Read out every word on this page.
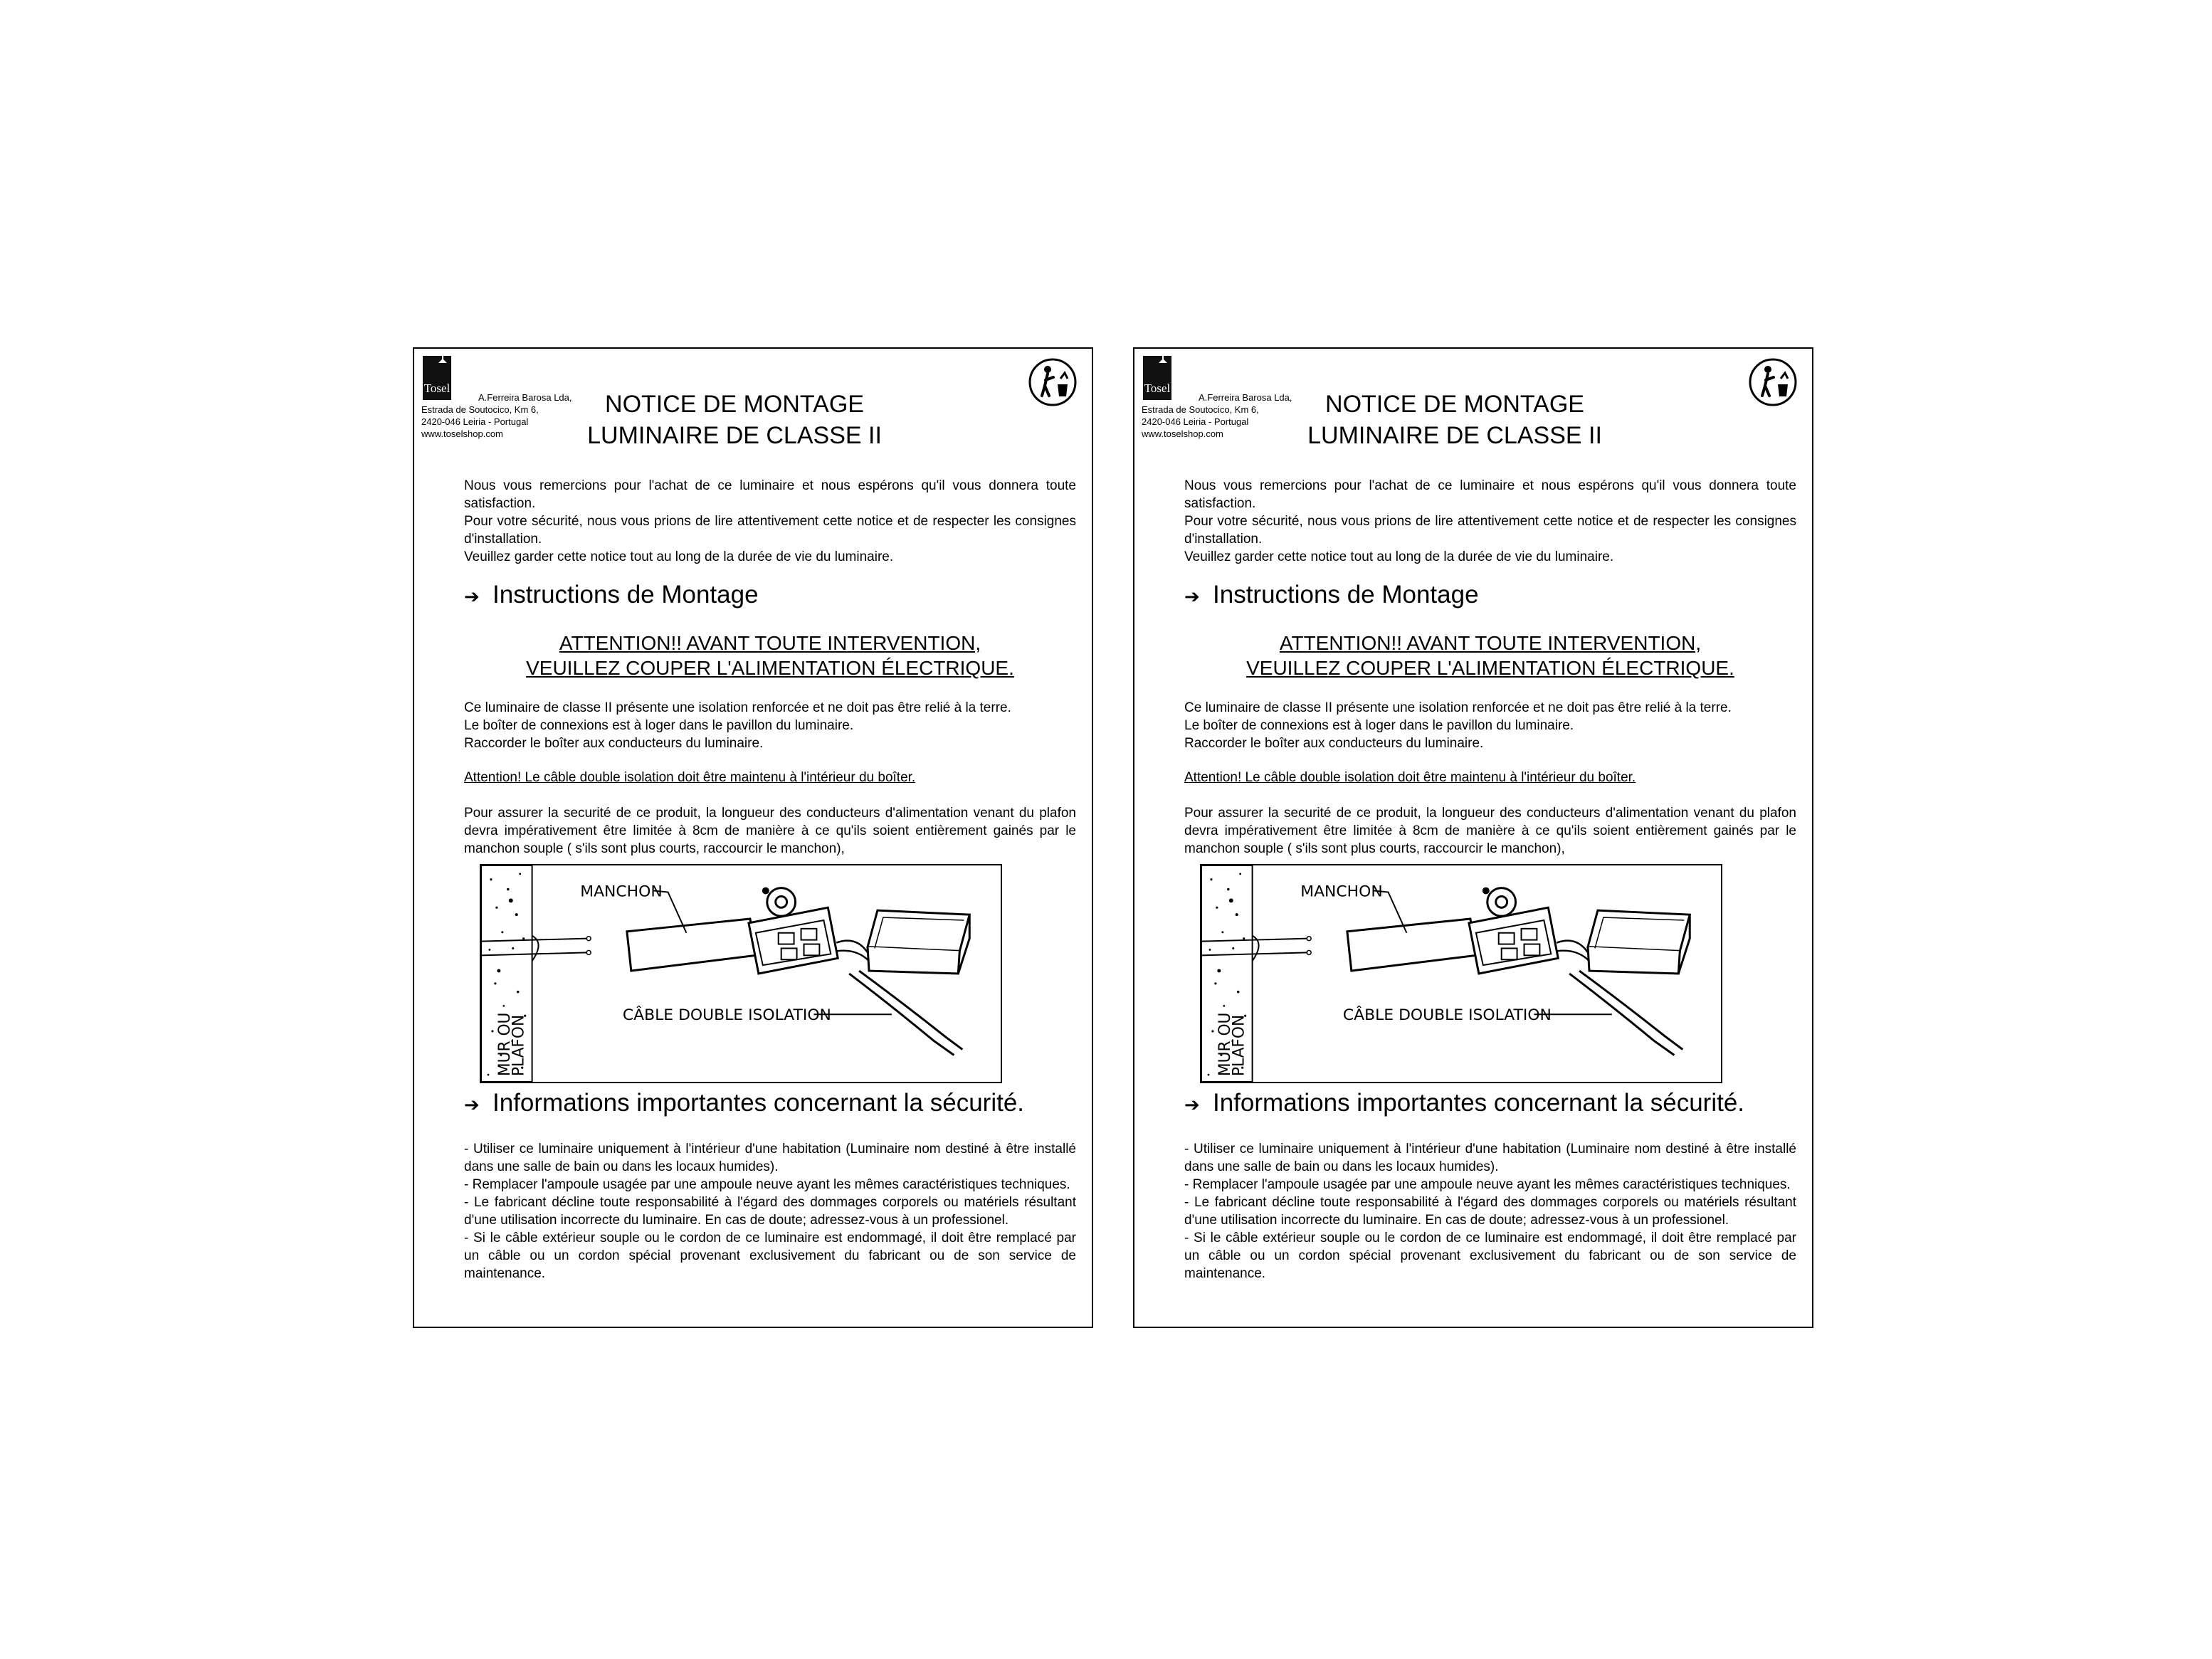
Tosel
A.Ferreira Barosa Lda,
Estrada de Soutocico, Km 6,
2420-046 Leiria - Portugal
www.toselshop.com
NOTICE DE MONTAGE
LUMINAIRE DE CLASSE II

Nous vous remercions pour l'achat de ce luminaire et nous espérons qu'il vous donnera toute satisfaction.

Pour votre sécurité, nous vous prions de lire attentivement cette notice et de respecter les consignes d'installation.

Veuillez garder cette notice tout au long de la durée de vie du luminaire.

➔ Instructions de Montage
ATTENTION!! AVANT TOUTE INTERVENTION,
VEUILLEZ COUPER L'ALIMENTATION ÉLECTRIQUE.

Ce luminaire de classe II présente une isolation renforcée et ne doit pas être relié à la terre.

Le boîter de connexions est à loger dans le pavillon du luminaire.

Raccorder le boîter aux conducteurs du luminaire.

Attention! Le câble double isolation doit être maintenu à l'intérieur du boîter.
Pour assurer la securité de ce produit, la longueur des conducteurs d'alimentation venant du plafon devra impérativement être limitée à 8cm de manière à ce qu'ils soient entièrement gainés par le manchon souple ( s'ils sont plus courts, raccourcir le manchon),
MUR OU
PLAFON
MANCHON
CÂBLE DOUBLE ISOLATION
➔ Informations importantes concernant la sécurité.

- Utiliser ce luminaire uniquement à l'intérieur d'une habitation (Luminaire nom destiné à être installé dans une salle de bain ou dans les locaux humides).

- Remplacer l'ampoule usagée par une ampoule neuve ayant les mêmes caractéristiques techniques.

- Le fabricant décline toute responsabilité à l'égard des dommages corporels ou matériels résultant d'une utilisation incorrecte du luminaire. En cas de doute; adressez-vous à un professionel.

- Si le câble extérieur souple ou le cordon de ce luminaire est endommagé, il doit être remplacé par un câble ou un cordon spécial provenant exclusivement du fabricant ou de son service de maintenance.

Tosel
A.Ferreira Barosa Lda,
Estrada de Soutocico, Km 6,
2420-046 Leiria - Portugal
www.toselshop.com
NOTICE DE MONTAGE
LUMINAIRE DE CLASSE II

Nous vous remercions pour l'achat de ce luminaire et nous espérons qu'il vous donnera toute satisfaction.

Pour votre sécurité, nous vous prions de lire attentivement cette notice et de respecter les consignes d'installation.

Veuillez garder cette notice tout au long de la durée de vie du luminaire.

➔ Instructions de Montage
ATTENTION!! AVANT TOUTE INTERVENTION,
VEUILLEZ COUPER L'ALIMENTATION ÉLECTRIQUE.

Ce luminaire de classe II présente une isolation renforcée et ne doit pas être relié à la terre.

Le boîter de connexions est à loger dans le pavillon du luminaire.

Raccorder le boîter aux conducteurs du luminaire.

Attention! Le câble double isolation doit être maintenu à l'intérieur du boîter.
Pour assurer la securité de ce produit, la longueur des conducteurs d'alimentation venant du plafon devra impérativement être limitée à 8cm de manière à ce qu'ils soient entièrement gainés par le manchon souple ( s'ils sont plus courts, raccourcir le manchon),
MUR OU
PLAFON
MANCHON
CÂBLE DOUBLE ISOLATION
➔ Informations importantes concernant la sécurité.

- Utiliser ce luminaire uniquement à l'intérieur d'une habitation (Luminaire nom destiné à être installé dans une salle de bain ou dans les locaux humides).

- Remplacer l'ampoule usagée par une ampoule neuve ayant les mêmes caractéristiques techniques.

- Le fabricant décline toute responsabilité à l'égard des dommages corporels ou matériels résultant d'une utilisation incorrecte du luminaire. En cas de doute; adressez-vous à un professionel.

- Si le câble extérieur souple ou le cordon de ce luminaire est endommagé, il doit être remplacé par un câble ou un cordon spécial provenant exclusivement du fabricant ou de son service de maintenance.
